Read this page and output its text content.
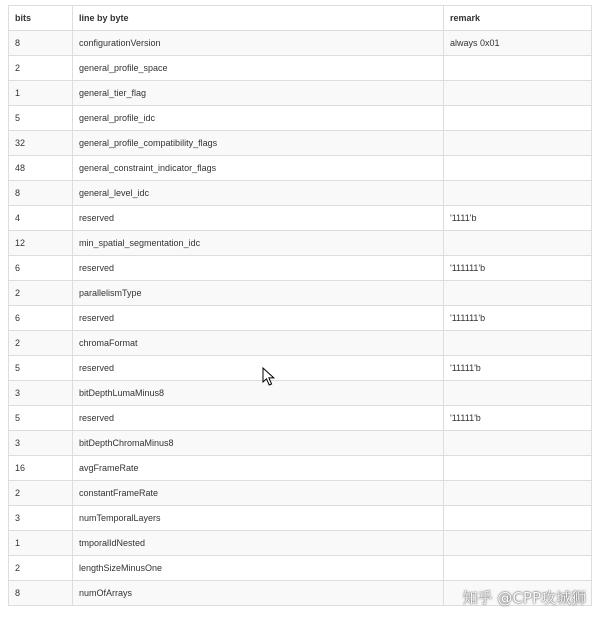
bits	line by byte	remark
8	configurationVersion	always 0x01
2	general_profile_space	
1	general_tier_flag	
5	general_profile_idc	
32	general_profile_compatibility_flags	
48	general_constraint_indicator_flags	
8	general_level_idc	
4	reserved	'1111'b
12	min_spatial_segmentation_idc	
6	reserved	'111111'b
2	parallelismType	
6	reserved	'111111'b
2	chromaFormat	
5	reserved	'11111'b
3	bitDepthLumaMinus8	
5	reserved	'11111'b
3	bitDepthChromaMinus8	
16	avgFrameRate	
2	constantFrameRate	
3	numTemporalLayers	
1	tmporalIdNested	
2	lengthSizeMinusOne	
8	numOfArrays		知乎 @CPP攻城狮
